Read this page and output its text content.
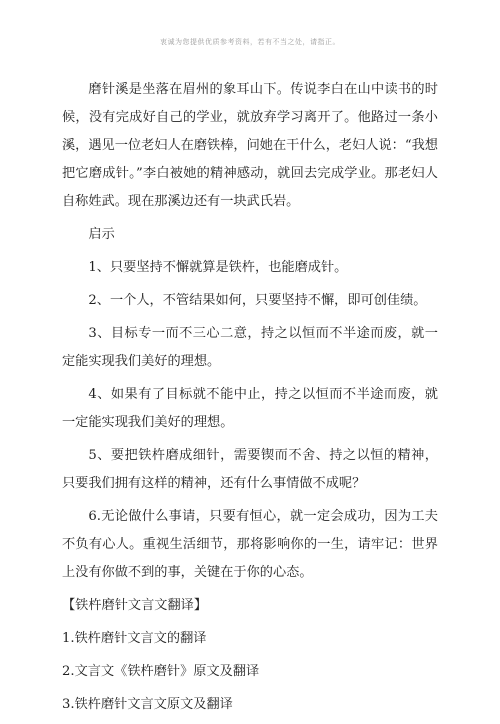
衷诚为您提供优质参考资料，若有不当之处，请指正。

磨针溪是坐落在眉州的象耳山下。传说李白在山中读书的时候，没有完成好自己的学业，就放弃学习离开了。他路过一条小溪，遇见一位老妇人在磨铁棒，问她在干什么，老妇人说：“我想把它磨成针。”李白被她的精神感动，就回去完成学业。那老妇人自称姓武。现在那溪边还有一块武氏岩。

启示

1、只要坚持不懈就算是铁杵，也能磨成针。

2、一个人，不管结果如何，只要坚持不懈，即可创佳绩。

3、目标专一而不三心二意，持之以恒而不半途而废，就一定能实现我们美好的理想。

4、如果有了目标就不能中止，持之以恒而不半途而废，就一定能实现我们美好的理想。

5、要把铁杵磨成细针，需要锲而不舍、持之以恒的精神，只要我们拥有这样的精神，还有什么事情做不成呢？

6.无论做什么事请，只要有恒心，就一定会成功，因为工夫不负有心人。重视生活细节，那将影响你的一生，请牢记：世界上没有你做不到的事，关键在于你的心态。

【铁杵磨针文言文翻译】

1.铁杵磨针文言文的翻译

2.文言文《铁杵磨针》原文及翻译

3.铁杵磨针文言文原文及翻译
